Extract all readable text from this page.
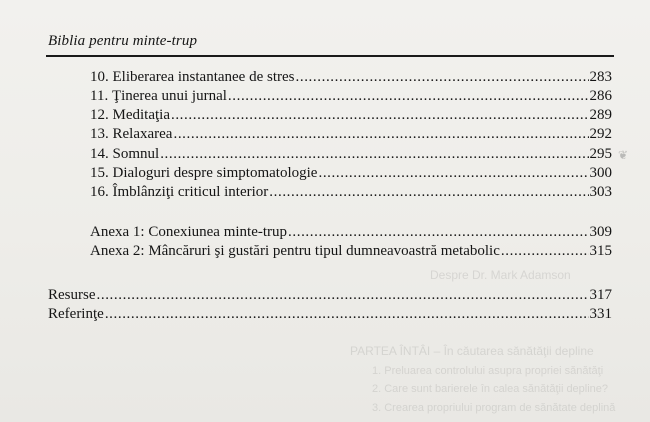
Despre Dr. Mark Adamson
PARTEA ÎNTÂI – În căutarea sănătăţii depline
1. Preluarea controlului asupra propriei sănătăţi
2. Care sunt barierele în calea sănătăţii depline?
3. Crearea propriului program de sănătate deplină
❦
Biblia pentru minte-trup
10. Eliberarea instantanee de stres .....	283
11. Ţinerea unui jurnal .....	286
12. Meditaţia .....	289
13. Relaxarea .....	292
14. Somnul .....	295
15. Dialoguri despre simptomatologie .....	300
16. Îmblânziţi criticul interior .....	303
Anexa 1: Conexiunea minte-trup .....	309
Anexa 2: Mâncăruri şi gustări pentru tipul dumneavoastră metabolic .....	315
Resurse .....	317
Referinţe .....	331
